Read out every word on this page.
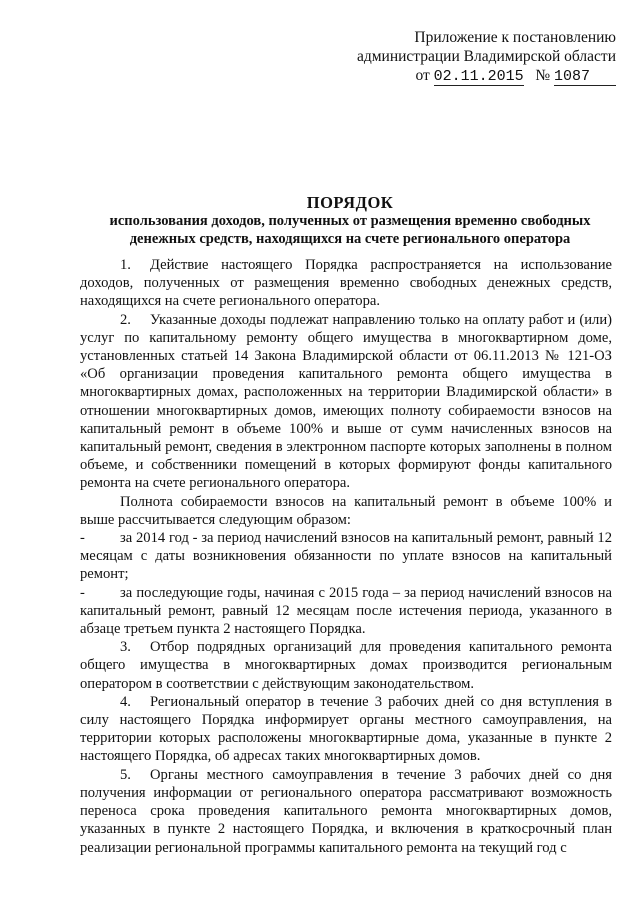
Приложение к постановлению
администрации Владимирской области
от 02.11.2015 № 1087
ПОРЯДОК
использования доходов, полученных от размещения временно свободных денежных средств, находящихся на счете регионального оператора

1. Действие настоящего Порядка распространяется на использование доходов, полученных от размещения временно свободных денежных средств, находящихся на счете регионального оператора.

2. Указанные доходы подлежат направлению только на оплату работ и (или) услуг по капитальному ремонту общего имущества в многоквартирном доме, установленных статьей 14 Закона Владимирской области от 06.11.2013 № 121-ОЗ «Об организации проведения капитального ремонта общего имущества в многоквартирных домах, расположенных на территории Владимирской области» в отношении многоквартирных домов, имеющих полноту собираемости взносов на капитальный ремонт в объеме 100% и выше от сумм начисленных взносов на капитальный ремонт, сведения в электронном паспорте которых заполнены в полном объеме, и собственники помещений в которых формируют фонды капитального ремонта на счете регионального оператора.

Полнота собираемости взносов на капитальный ремонт в объеме 100% и выше рассчитывается следующим образом:

- за 2014 год - за период начислений взносов на капитальный ремонт, равный 12 месяцам с даты возникновения обязанности по уплате взносов на капитальный ремонт;

- за последующие годы, начиная с 2015 года – за период начислений взносов на капитальный ремонт, равный 12 месяцам после истечения периода, указанного в абзаце третьем пункта 2 настоящего Порядка.

3. Отбор подрядных организаций для проведения капитального ремонта общего имущества в многоквартирных домах производится региональным оператором в соответствии с действующим законодательством.

4. Региональный оператор в течение 3 рабочих дней со дня вступления в силу настоящего Порядка информирует органы местного самоуправления, на территории которых расположены многоквартирные дома, указанные в пункте 2 настоящего Порядка, об адресах таких многоквартирных домов.

5. Органы местного самоуправления в течение 3 рабочих дней со дня получения информации от регионального оператора рассматривают возможность переноса срока проведения капитального ремонта многоквартирных домов, указанных в пункте 2 настоящего Порядка, и включения в краткосрочный план реализации региональной программы капитального ремонта на текущий год с
